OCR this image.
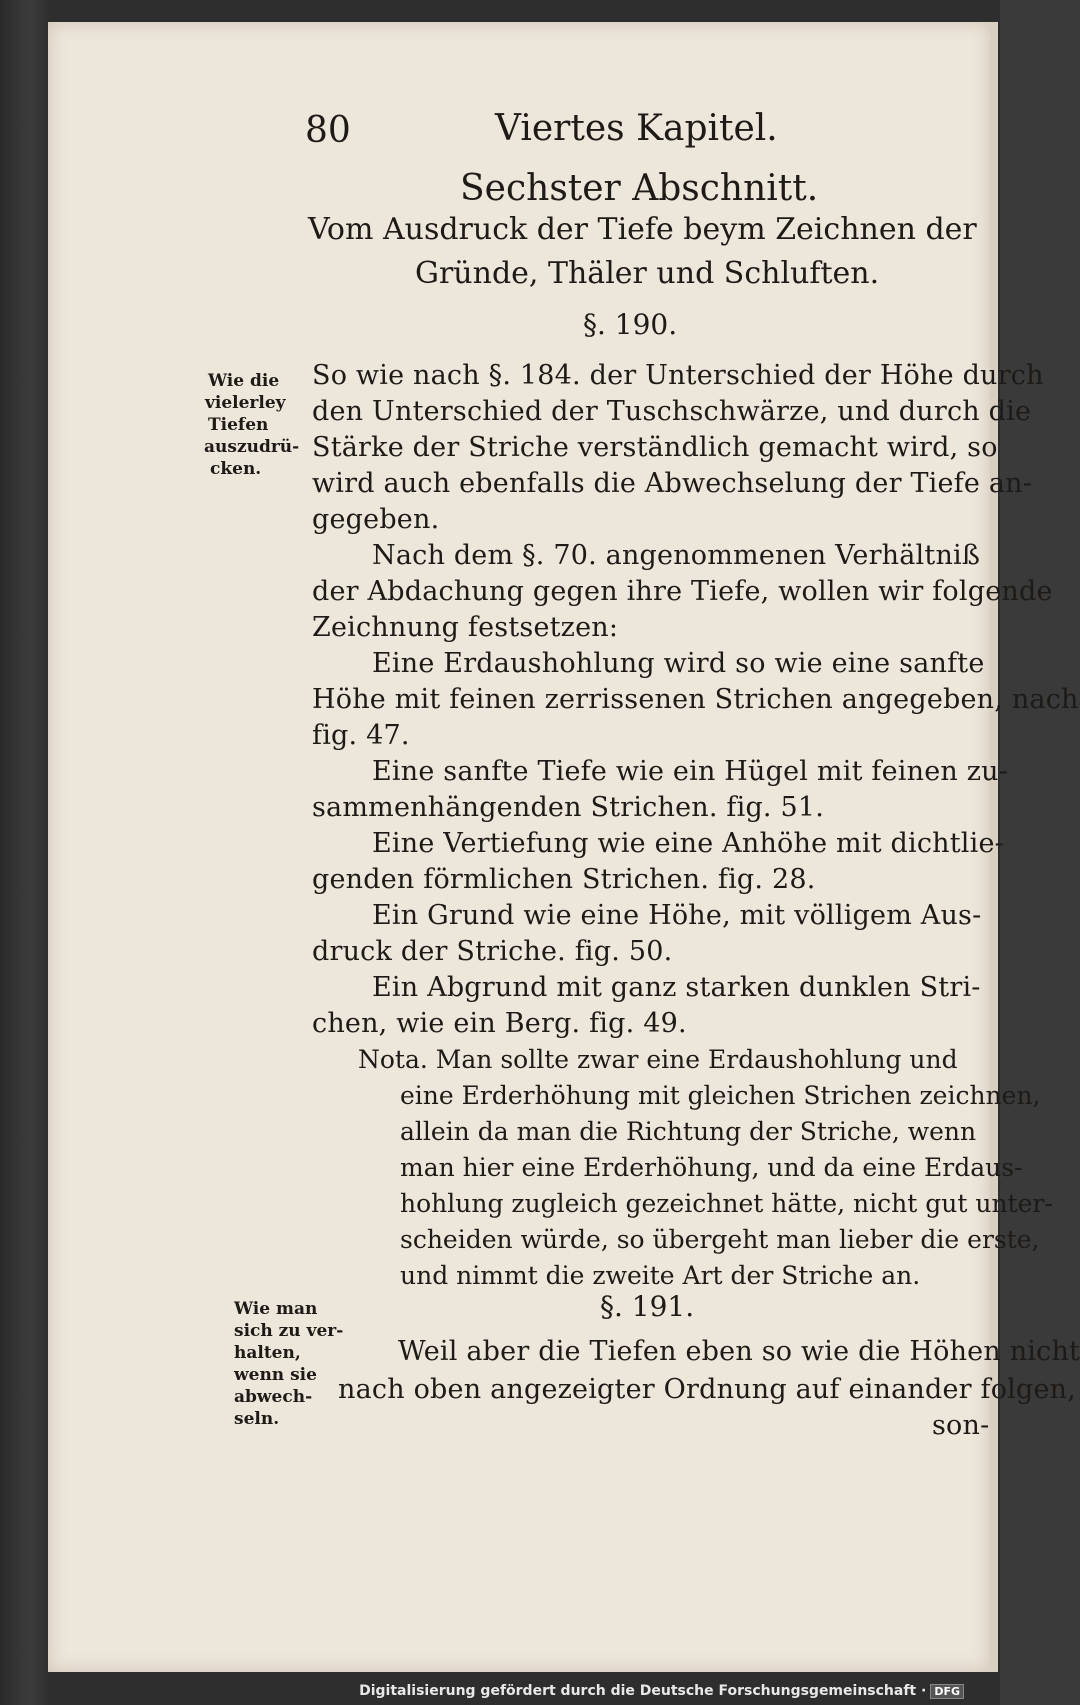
80	Viertes Kapitel.
Sechster Abschnitt.
Vom Ausdruck der Tiefe beym Zeichnen der
Gründe, Thäler und Schluften.
§. 190.
Wie die
vielerley
Tiefen
auszudrü-
cken.
So wie nach §. 184. der Unterschied der Höhe durch
den Unterschied der Tuschschwärze, und durch die
Stärke der Striche verständlich gemacht wird, so
wird auch ebenfalls die Abwechselung der Tiefe an-
gegeben.
Nach dem §. 70. angenommenen Verhältniß
der Abdachung gegen ihre Tiefe, wollen wir folgende
Zeichnung festsetzen:
Eine Erdaushohlung wird so wie eine sanfte
Höhe mit feinen zerrissenen Strichen angegeben, nach
fig. 47.
Eine sanfte Tiefe wie ein Hügel mit feinen zu-
sammenhängenden Strichen. fig. 51.
Eine Vertiefung wie eine Anhöhe mit dichtlie-
genden förmlichen Strichen. fig. 28.
Ein Grund wie eine Höhe, mit völligem Aus-
druck der Striche. fig. 50.
Ein Abgrund mit ganz starken dunklen Stri-
chen, wie ein Berg. fig. 49.
Nota. Man sollte zwar eine Erdaushohlung und
eine Erderhöhung mit gleichen Strichen zeichnen,
allein da man die Richtung der Striche, wenn
man hier eine Erderhöhung, und da eine Erdaus-
hohlung zugleich gezeichnet hätte, nicht gut unter-
scheiden würde, so übergeht man lieber die erste,
und nimmt die zweite Art der Striche an.
§. 191.
Wie man
sich zu ver-
halten,
wenn sie
abwech-
seln.
Weil aber die Tiefen eben so wie die Höhen nicht
nach oben angezeigter Ordnung auf einander folgen,
son-
Digitalisierung gefördert durch die Deutsche Forschungsgemeinschaft · DFG
